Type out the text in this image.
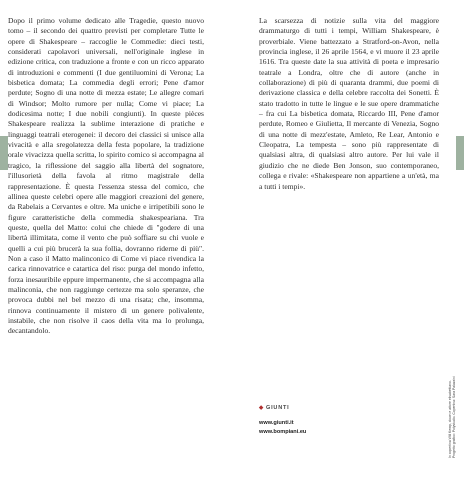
Dopo il primo volume dedicato alle Tragedie, questo nuovo tomo – il secondo dei quattro previsti per completare Tutte le opere di Shakespeare – raccoglie le Commedie: dieci testi, considerati capolavori universali, nell'originale inglese in edizione critica, con traduzione a fronte e con un ricco apparato di introduzioni e commenti (I due gentiluomini di Verona; La bisbetica domata; La commedia degli errori; Pene d'amor perdute; Sogno di una notte di mezza estate; Le allegre comari di Windsor; Molto rumore per nulla; Come vi piace; La dodicesima notte; I due nobili congiunti). In queste pièces Shakespeare realizza la sublime interazione di pratiche e linguaggi teatrali eterogenei: il decoro dei classici si unisce alla vivacità e alla sregolatezza della festa popolare, la tradizione orale vivacizza quella scritta, lo spirito comico si accompagna al tragico, la riflessione del saggio alla libertà del sognatore, l'illusorietà della favola al ritmo magistrale della rappresentazione. È questa l'essenza stessa del comico, che allinea queste celebri opere alle maggiori creazioni del genere, da Rabelais a Cervantes e oltre. Ma uniche e irripetibili sono le figure caratteristiche della commedia shakespeariana. Tra queste, quella del Matto: colui che chiede di "godere di una libertà illimitata, come il vento che può soffiare su chi vuole e quelli a cui più brucerà la sua follia, dovranno riderne di più". Non a caso il Matto malinconico di Come vi piace rivendica la carica rinnovatrice e catartica del riso: purga del mondo infetto, forza inesauribile eppure impermanente, che si accompagna alla malinconia, che non raggiunge certezze ma solo speranze, che provoca dubbi nel bel mezzo di una risata; che, insomma, rinnova continuamente il mistero di un genere polivalente, instabile, che non risolve il caos della vita ma lo prolunga, decantandolo.

La scarsezza di notizie sulla vita del maggiore drammaturgo di tutti i tempi, William Shakespeare, è proverbiale. Viene battezzato a Stratford-on-Avon, nella provincia inglese, il 26 aprile 1564, e vi muore il 23 aprile 1616. Tra queste date la sua attività di poeta e impresario teatrale a Londra, oltre che di autore (anche in collaborazione) di più di quaranta drammi, due poemi di derivazione classica e della celebre raccolta dei Sonetti. È stato tradotto in tutte le lingue e le sue opere drammatiche – fra cui La bisbetica domata, Riccardo III, Pene d'amor perdute, Romeo e Giulietta, Il mercante di Venezia, Sogno di una notte di mezz'estate, Amleto, Re Lear, Antonio e Cleopatra, La tempesta – sono più rappresentate di qualsiasi altra, di qualsiasi altro autore. Per lui vale il giudizio che ne diede Ben Jonson, suo contemporaneo, collega e rivale: «Shakespeare non appartiene a un'età, ma a tutti i tempi».

◆ GIUNTI
www.giunti.it
www.bompiani.eu	In copertina Will Kemp, clown e attore elisabettiano. Progetto grafico: Polystudio. Copertina: Sara Palazzini
